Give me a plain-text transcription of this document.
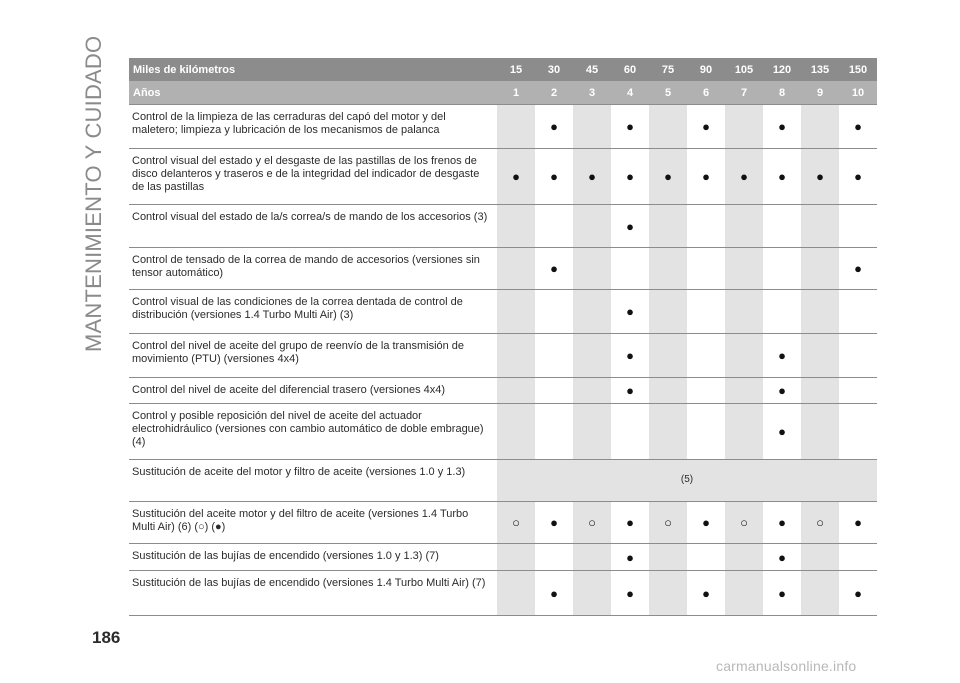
MANTENIMIENTO Y CUIDADO	Miles de kilómetros	15	30	45	60	75	90	105	120	135	150
Años	1	2	3	4	5	6	7	8	9	10
Control de la limpieza de las cerraduras del capó del motor y del maletero; limpieza y lubricación de los mecanismos de palanca		●		●		●		●		●
Control visual del estado y el desgaste de las pastillas de los frenos de disco delanteros y traseros e de la integridad del indicador de desgaste de las pastillas	●	●	●	●	●	●	●	●	●	●
Control visual del estado de la/s correa/s de mando de los accesorios (3)				●						
Control de tensado de la correa de mando de accesorios (versiones sin tensor automático)		●								●
Control visual de las condiciones de la correa dentada de control de distribución (versiones 1.4 Turbo Multi Air) (3)				●						
Control del nivel de aceite del grupo de reenvío de la transmisión de movimiento (PTU) (versiones 4x4)				●				●		
Control del nivel de aceite del diferencial trasero (versiones 4x4)				●				●		
Control y posible reposición del nivel de aceite del actuador electrohidráulico (versiones con cambio automático de doble embrague) (4)								●		
Sustitución de aceite del motor y filtro de aceite (versiones 1.0 y 1.3)	(5)									
Sustitución del aceite motor y del filtro de aceite (versiones 1.4 Turbo Multi Air) (6) (○) (●)	○	●	○	●	○	●	○	●	○	●
Sustitución de las bujías de encendido (versiones 1.0 y 1.3) (7)				●				●		
Sustitución de las bujías de encendido (versiones 1.4 Turbo Multi Air) (7)		●		●		●		●		●
186
carmanualsonline.info
